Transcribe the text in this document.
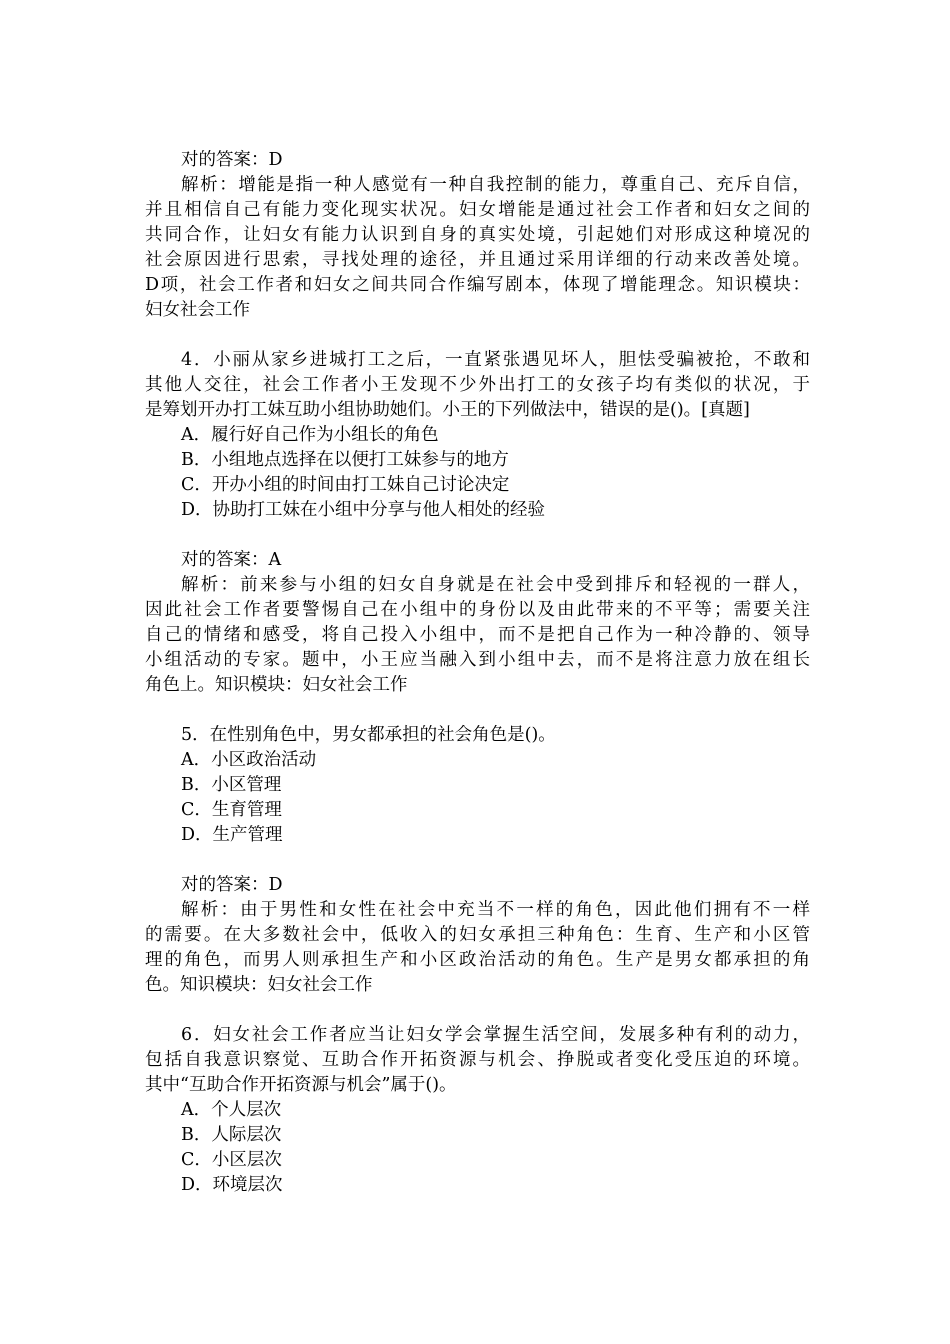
对的答案：D
解析：增能是指一种人感觉有一种自我控制的能力，尊重自己、充斥自信，
并且相信自己有能力变化现实状况。妇女增能是通过社会工作者和妇女之间的
共同合作，让妇女有能力认识到自身的真实处境，引起她们对形成这种境况的
社会原因进行思索，寻找处理的途径，并且通过采用详细的行动来改善处境。
D项，社会工作者和妇女之间共同合作编写剧本，体现了增能理念。知识模块：
妇女社会工作
4．小丽从家乡进城打工之后，一直紧张遇见坏人，胆怯受骗被抢，不敢和
其他人交往，社会工作者小王发现不少外出打工的女孩子均有类似的状况，于
是筹划开办打工妹互助小组协助她们。小王的下列做法中，错误的是()。[真题]
A．履行好自己作为小组长的角色
B．小组地点选择在以便打工妹参与的地方
C．开办小组的时间由打工妹自己讨论决定
D．协助打工妹在小组中分享与他人相处的经验
对的答案：A
解析：前来参与小组的妇女自身就是在社会中受到排斥和轻视的一群人，
因此社会工作者要警惕自己在小组中的身份以及由此带来的不平等；需要关注
自己的情绪和感受，将自己投入小组中，而不是把自己作为一种冷静的、领导
小组活动的专家。题中，小王应当融入到小组中去，而不是将注意力放在组长
角色上。知识模块：妇女社会工作
5．在性别角色中，男女都承担的社会角色是()。
A．小区政治活动
B．小区管理
C．生育管理
D．生产管理
对的答案：D
解析：由于男性和女性在社会中充当不一样的角色，因此他们拥有不一样
的需要。在大多数社会中，低收入的妇女承担三种角色：生育、生产和小区管
理的角色，而男人则承担生产和小区政治活动的角色。生产是男女都承担的角
色。知识模块：妇女社会工作
6．妇女社会工作者应当让妇女学会掌握生活空间，发展多种有利的动力，
包括自我意识察觉、互助合作开拓资源与机会、挣脱或者变化受压迫的环境。
其中“互助合作开拓资源与机会”属于()。
A．个人层次
B．人际层次
C．小区层次
D．环境层次
